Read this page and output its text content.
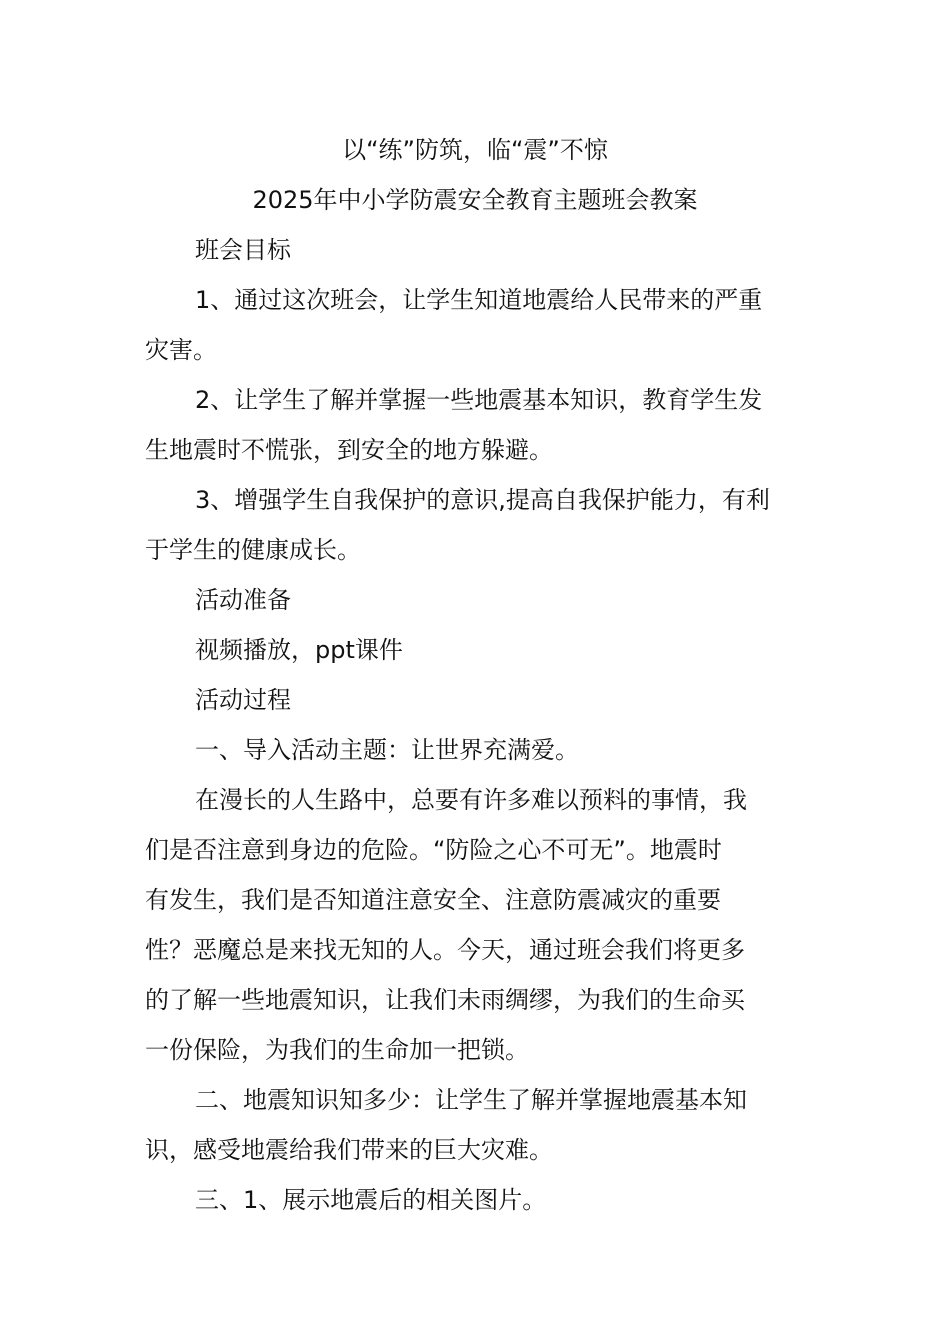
以“练”防筑，临“震”不惊
2025年中小学防震安全教育主题班会教案
班会目标
1、通过这次班会，让学生知道地震给人民带来的严重
灾害。
2、让学生了解并掌握一些地震基本知识，教育学生发
生地震时不慌张，到安全的地方躲避。
3、增强学生自我保护的意识,提高自我保护能力，有利
于学生的健康成长。
活动准备
视频播放，ppt课件
活动过程
一、导入活动主题：让世界充满爱。
在漫长的人生路中，总要有许多难以预料的事情，我
们是否注意到身边的危险。“防险之心不可无”。地震时
有发生，我们是否知道注意安全、注意防震减灾的重要
性？恶魔总是来找无知的人。今天，通过班会我们将更多
的了解一些地震知识，让我们未雨绸缪，为我们的生命买
一份保险，为我们的生命加一把锁。
二、地震知识知多少：让学生了解并掌握地震基本知
识，感受地震给我们带来的巨大灾难。
三、1、展示地震后的相关图片。
